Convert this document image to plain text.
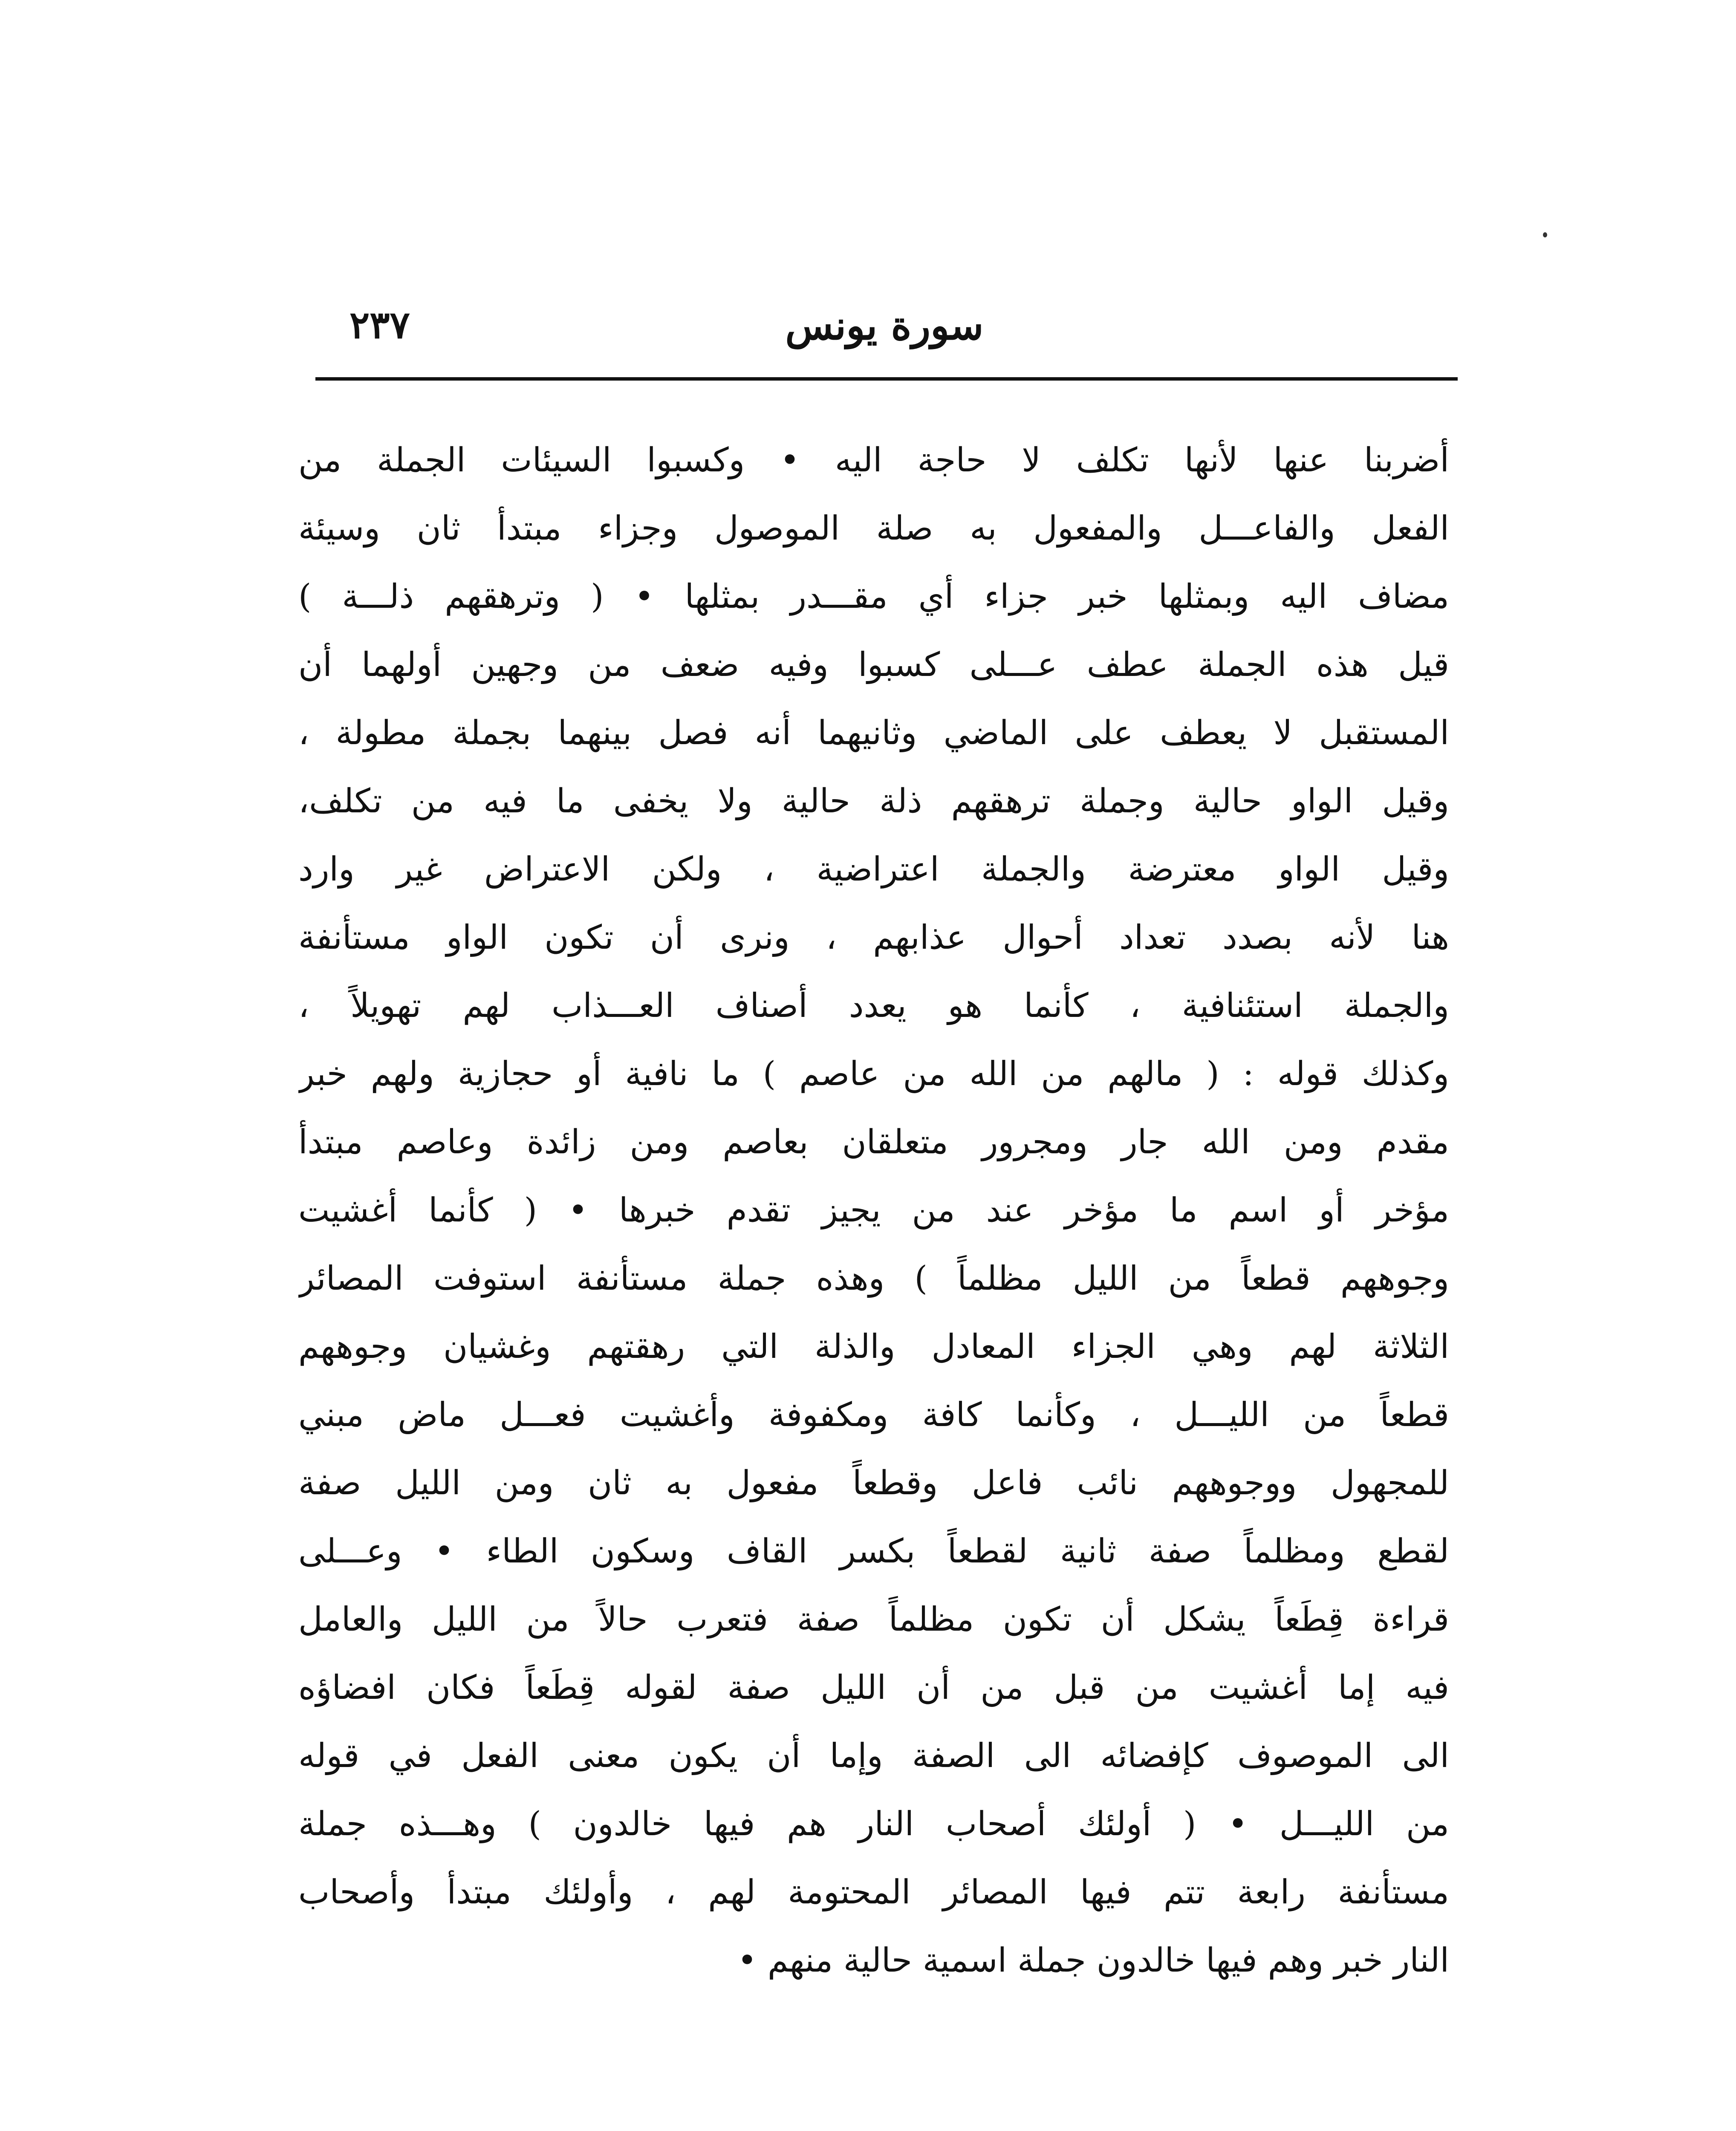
سورة يونس
٢٣٧
أضربنا عنها لأنها تكلف لا حاجة اليه • وكسبوا السيئات الجملة من
الفعل والفاعـــل والمفعول به صلة الموصول وجزاء مبتدأ ثان وسيئة
مضاف اليه وبمثلها خبر جزاء أي مقـــدر بمثلها • ( وترهقهم ذلـــة )
قيل هذه الجملة عطف عـــلى كسبوا وفيه ضعف من وجهين أولهما أن
المستقبل لا يعطف على الماضي وثانيهما أنه فصل بينهما بجملة مطولة ،
وقيل الواو حالية وجملة ترهقهم ذلة حالية ولا يخفى ما فيه من تكلف،
وقيل الواو معترضة والجملة اعتراضية ، ولكن الاعتراض غير وارد
هنا لأنه بصدد تعداد أحوال عذابهم ، ونرى أن تكون الواو مستأنفة
والجملة استئنافية ، كأنما هو يعدد أصناف العـــذاب لهم تهويلاً ،
وكذلك قوله : ( مالهم من الله من عاصم ) ما نافية أو حجازية ولهم خبر
مقدم ومن الله جار ومجرور متعلقان بعاصم ومن زائدة وعاصم مبتدأ
مؤخر أو اسم ما مؤخر عند من يجيز تقدم خبرها • ( كأنما أغشيت
وجوههم قطعاً من الليل مظلماً ) وهذه جملة مستأنفة استوفت المصائر
الثلاثة لهم وهي الجزاء المعادل والذلة التي رهقتهم وغشيان وجوههم
قطعاً من الليـــل ، وكأنما كافة ومكفوفة وأغشيت فعـــل ماض مبني
للمجهول ووجوههم نائب فاعل وقطعاً مفعول به ثان ومن الليل صفة
لقطع ومظلماً صفة ثانية لقطعاً بكسر القاف وسكون الطاء • وعـــلى
قراءة قِطَعاً يشكل أن تكون مظلماً صفة فتعرب حالاً من الليل والعامل
فيه إما أغشيت من قبل من أن الليل صفة لقوله قِطَعاً فكان افضاؤه
الى الموصوف كإفضائه الى الصفة وإما أن يكون معنى الفعل في قوله
من الليـــل • ( أولئك أصحاب النار هم فيها خالدون ) وهـــذه جملة
مستأنفة رابعة تتم فيها المصائر المحتومة لهم ، وأولئك مبتدأ وأصحاب
النار خبر وهم فيها خالدون جملة اسمية حالية منهم •
